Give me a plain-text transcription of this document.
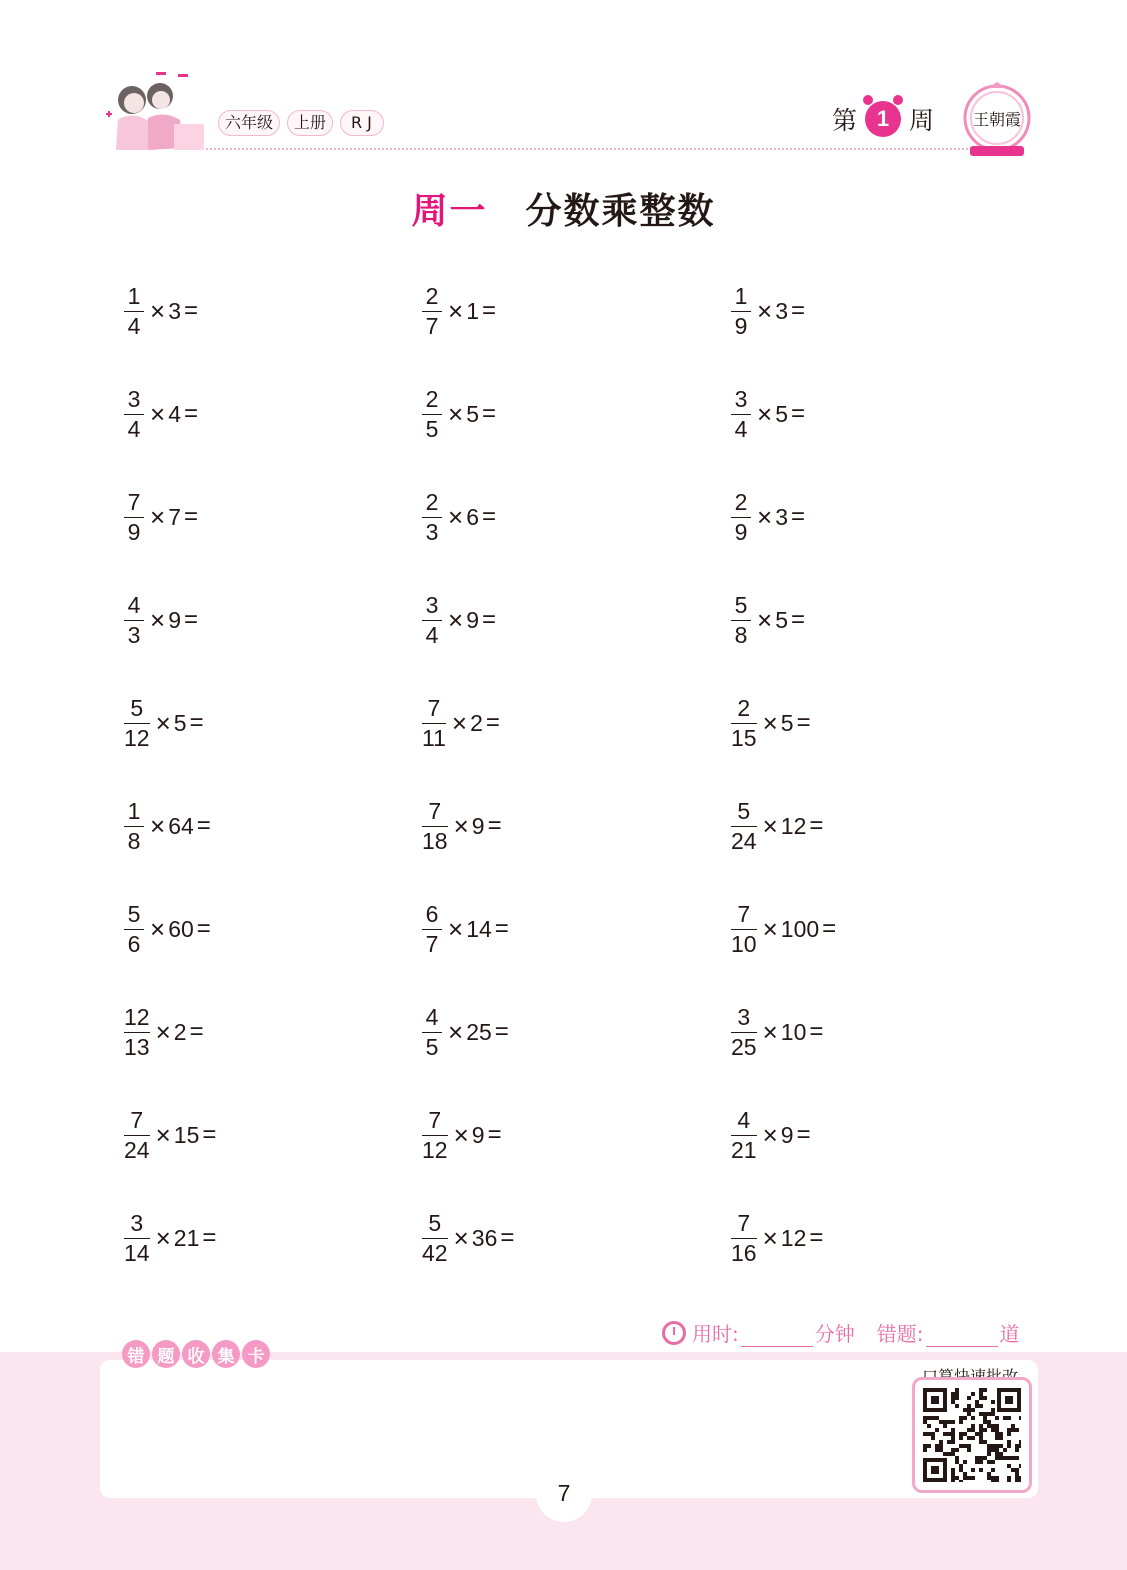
六年级	上册	RJ	第 1 周 王朝霞
周一 分数乘整数
$\frac{1}{4} \times 3$ =	$\frac{2}{7} \times 1$ =	$\frac{1}{9} \times 3$ =
$\frac{3}{4} \times 4$ =	$\frac{2}{5} \times 5$ =	$\frac{3}{4} \times 5$ =
$\frac{7}{9} \times 7$ =	$\frac{2}{3} \times 6$ =	$\frac{2}{9} \times 3$ =
$\frac{4}{3} \times 9$ =	$\frac{3}{4} \times 9$ =	$\frac{5}{8} \times 5$ =
$\frac{5}{12} \times 5$ =	$\frac{7}{11} \times 2$ =	$\frac{2}{15} \times 5$ =
$\frac{1}{8} \times 64$ =	$\frac{7}{18} \times 9$ =	$\frac{5}{24} \times 12$ =
$\frac{5}{6} \times 60$ =	$\frac{6}{7} \times 14$ =	$\frac{7}{10} \times 100$ =
$\frac{12}{13} \times 2$ =	$\frac{4}{5} \times 25$ =	$\frac{3}{25} \times 10$ =
$\frac{7}{24} \times 15$ =	$\frac{7}{12} \times 9$ =	$\frac{4}{21} \times 9$ =
$\frac{3}{14} \times 21$ =	$\frac{5}{42} \times 36$ =	$\frac{7}{16} \times 12$ =
用时:	分钟 错题:	道
错 题 收 集 卡
7
